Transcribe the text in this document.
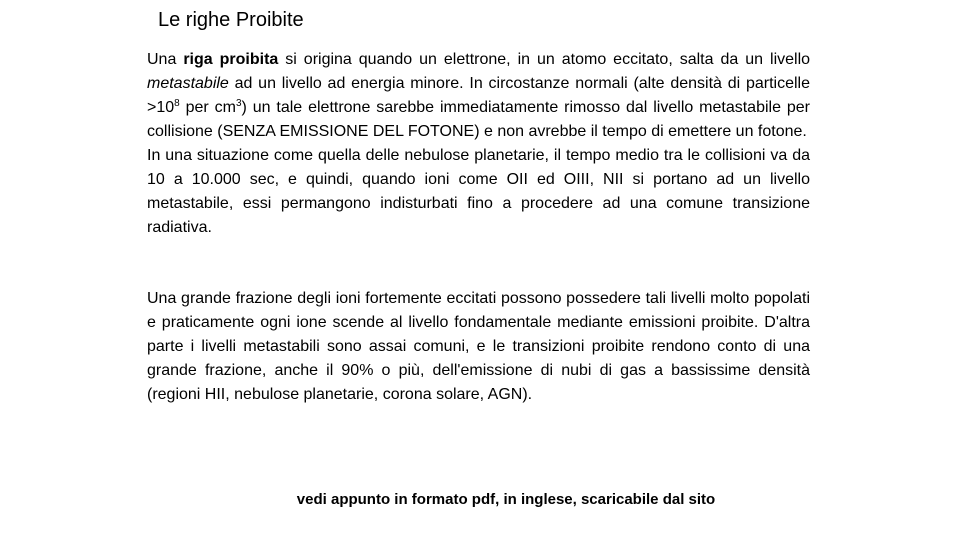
Le righe Proibite

Una riga proibita si origina quando un elettrone, in un atomo eccitato, salta da un livello metastabile ad un livello ad energia minore. In circostanze normali (alte densità di particelle $>10^8$ per $cm^3$) un tale elettrone sarebbe immediatamente rimosso dal livello metastabile per collisione (SENZA EMISSIONE DEL FOTONE) e non avrebbe il tempo di emettere un fotone.

In una situazione come quella delle nebulose planetarie, il tempo medio tra le collisioni va da 10 a 10.000 sec, e quindi, quando ioni come OII ed OIII, NII si portano ad un livello metastabile, essi permangono indisturbati fino a procedere ad una comune transizione radiativa.

Una grande frazione degli ioni fortemente eccitati possono possedere tali livelli molto popolati e praticamente ogni ione scende al livello fondamentale mediante emissioni proibite. D'altra parte i livelli metastabili sono assai comuni, e le transizioni proibite rendono conto di una grande frazione, anche il 90% o più, dell'emissione di nubi di gas a bassissime densità (regioni HII, nebulose planetarie, corona solare, AGN).

vedi appunto in formato pdf, in inglese, scaricabile dal sito
